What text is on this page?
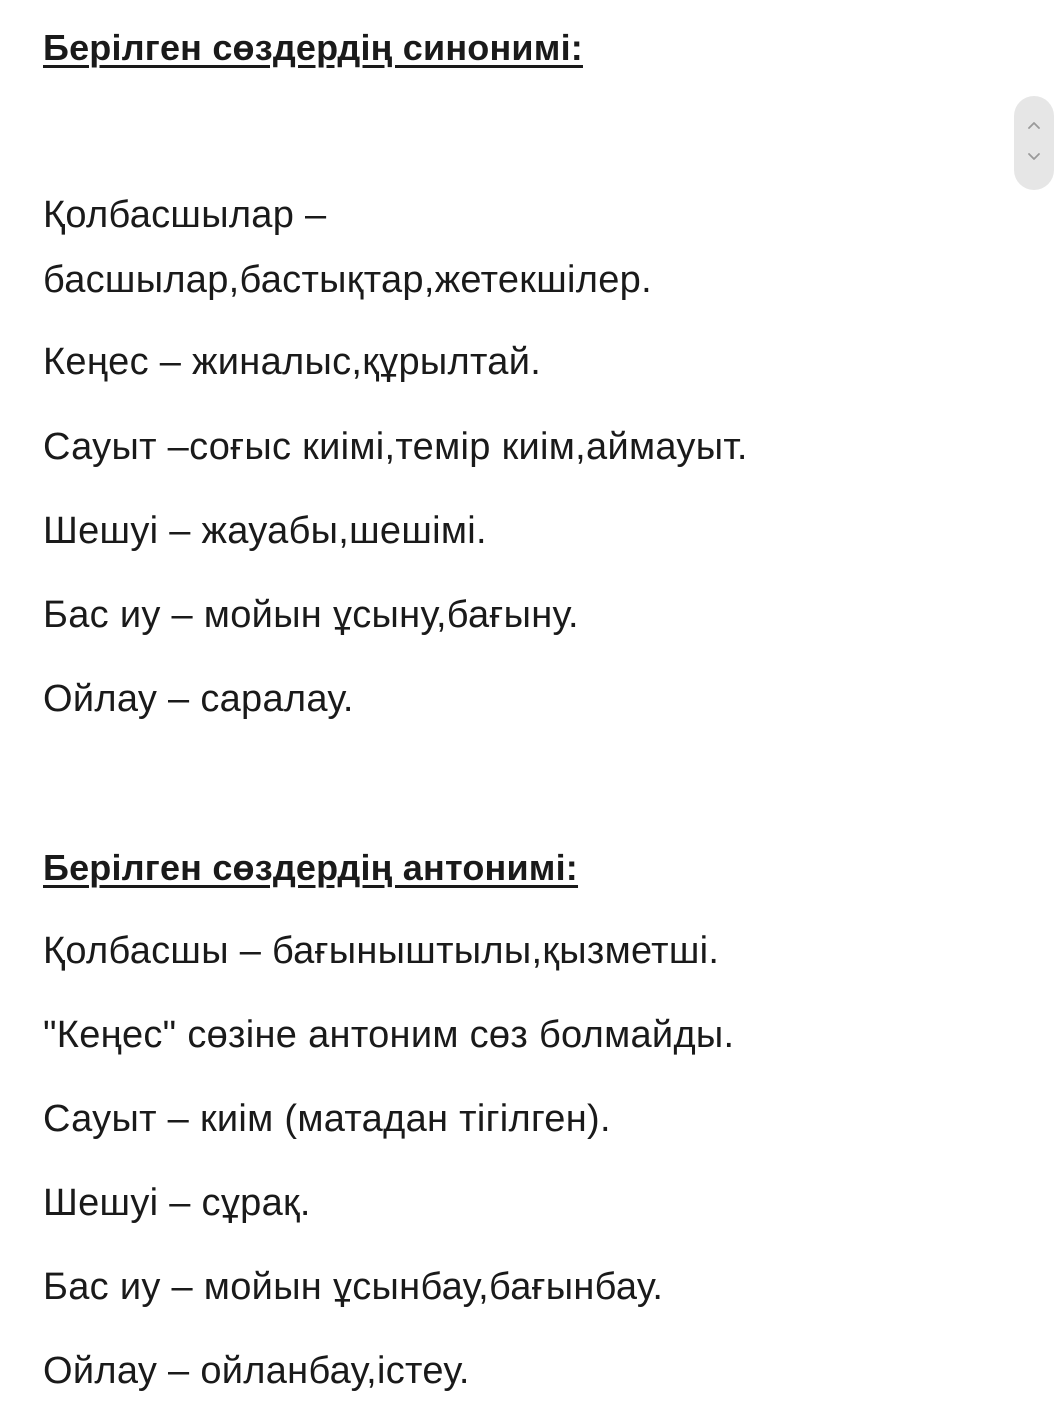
Берілген сөздердің синонимі:

Қолбасшылар –

басшылар,бастықтар,жетекшілер.

Кеңес – жиналыс,құрылтай.

Сауыт –соғыс киімі,темір киім,аймауыт.

Шешуі – жауабы,шешімі.

Бас иу – мойын ұсыну,бағыну.

Ойлау – саралау.

Берілген сөздердің антонимі:

Қолбасшы – бағыныштылы,қызметші.

"Кеңес" сөзіне антоним сөз болмайды.

Сауыт – киім (матадан тігілген).

Шешуі – сұрақ.

Бас иу – мойын ұсынбау,бағынбау.

Ойлау – ойланбау,істеу.
